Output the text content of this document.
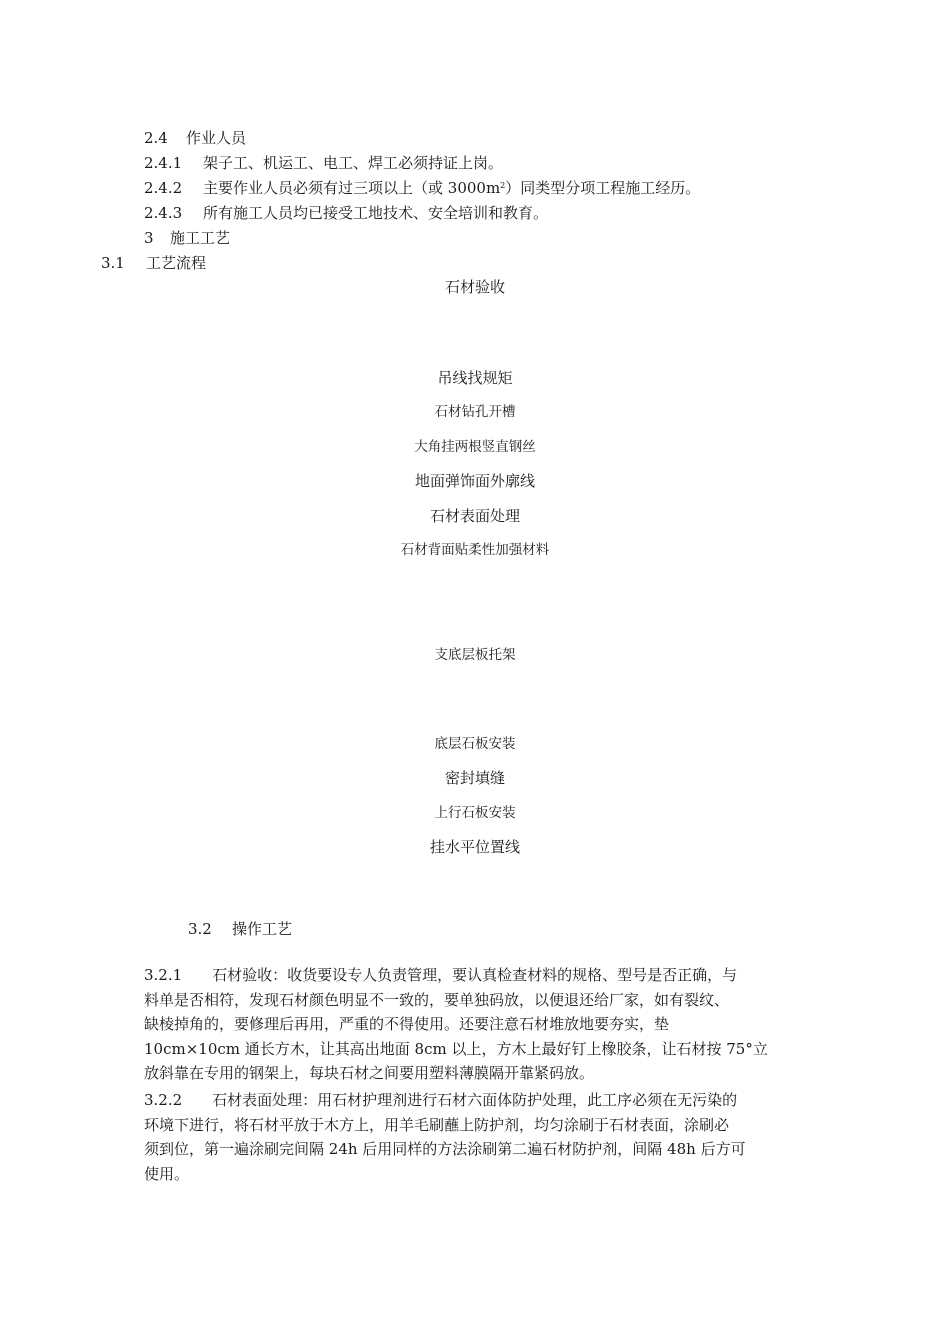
2.4 作业人员
2.4.1 架子工、机运工、电工、焊工必须持证上岗。
2.4.2 主要作业人员必须有过三项以上（或 $3000m^2$）同类型分项工程施工经历。
2.4.3 所有施工人员均已接受工地技术、安全培训和教育。
3 施工工艺
3.1 工艺流程
石材验收
吊线找规矩
石材钻孔开槽
大角挂两根竖直钢丝
地面弹饰面外廓线
石材表面处理
石材背面贴柔性加强材料
支底层板托架
底层石板安装
密封填缝
上行石板安装
挂水平位置线
3.2 操作工艺
3.2.1　　石材验收：收货要设专人负责管理，要认真检查材料的规格、型号是否正确，与
料单是否相符，发现石材颜色明显不一致的，要单独码放，以便退还给厂家，如有裂纹、
缺棱掉角的，要修理后再用，严重的不得使用。还要注意石材堆放地要夯实，垫
10cm×10cm 通长方木，让其高出地面 8cm 以上，方木上最好钉上橡胶条，让石材按 75°立
放斜靠在专用的钢架上，每块石材之间要用塑料薄膜隔开靠紧码放。
3.2.2　　石材表面处理：用石材护理剂进行石材六面体防护处理，此工序必须在无污染的
环境下进行，将石材平放于木方上，用羊毛刷蘸上防护剂，均匀涂刷于石材表面，涂刷必
须到位，第一遍涂刷完间隔 24h 后用同样的方法涂刷第二遍石材防护剂，间隔 48h 后方可
使用。
